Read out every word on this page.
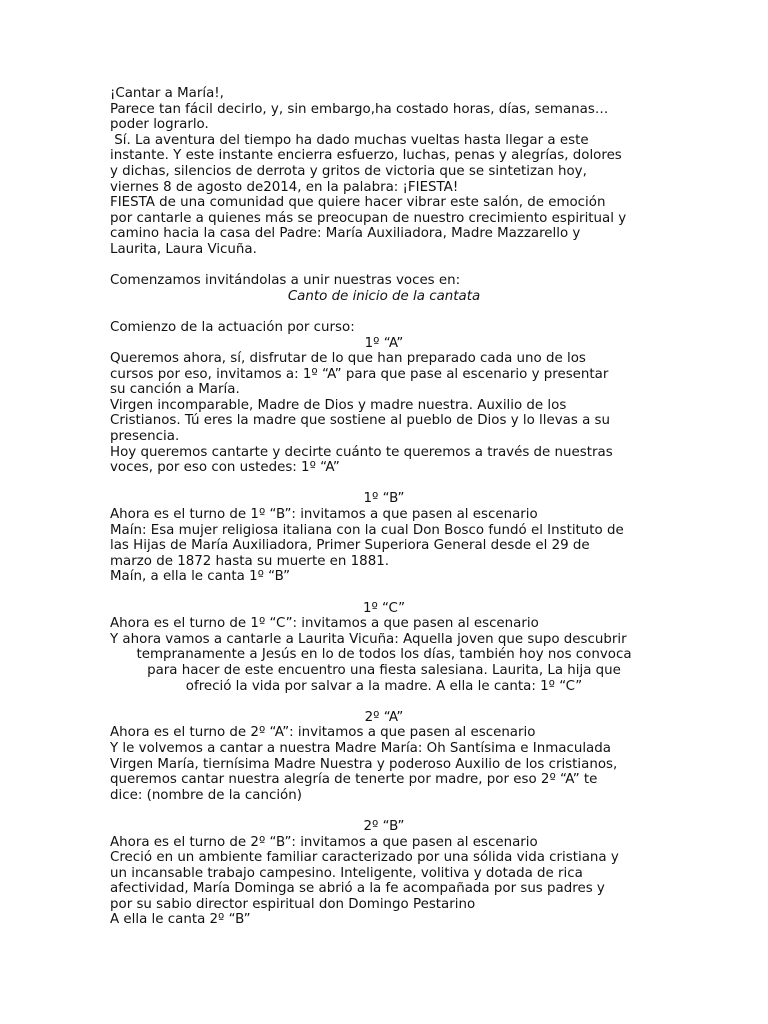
¡Cantar a María!,

Parece tan fácil decirlo, y, sin embargo,ha costado horas, días, semanas…

poder lograrlo.

Sí. La aventura del tiempo ha dado muchas vueltas hasta llegar a este

instante. Y este instante encierra esfuerzo, luchas, penas y alegrías, dolores

y dichas, silencios de derrota y gritos de victoria que se sintetizan hoy,

viernes 8 de agosto de2014, en la palabra: ¡FIESTA!

FIESTA de una comunidad que quiere hacer vibrar este salón, de emoción

por cantarle a quienes más se preocupan de nuestro crecimiento espiritual y

camino hacia la casa del Padre: María Auxiliadora, Madre Mazzarello y

Laurita, Laura Vicuña.

Comenzamos invitándolas a unir nuestras voces en:

Canto de inicio de la cantata

Comienzo de la actuación por curso:

1º “A”

Queremos ahora, sí, disfrutar de lo que han preparado cada uno de los

cursos por eso, invitamos a: 1º “A” para que pase al escenario y presentar

su canción a María.

Virgen incomparable, Madre de Dios y madre nuestra. Auxilio de los

Cristianos. Tú eres la madre que sostiene al pueblo de Dios y lo llevas a su

presencia.

Hoy queremos cantarte y decirte cuánto te queremos a través de nuestras

voces, por eso con ustedes: 1º “A”

1º “B”

Ahora es el turno de 1º “B”: invitamos a que pasen al escenario

Maín: Esa mujer religiosa italiana con la cual Don Bosco fundó el Instituto de

las Hijas de María Auxiliadora, Primer Superiora General desde el 29 de

marzo de 1872 hasta su muerte en 1881.

Maín, a ella le canta 1º “B”

1º “C”

Ahora es el turno de 1º “C”: invitamos a que pasen al escenario

Y ahora vamos a cantarle a Laurita Vicuña: Aquella joven que supo descubrir

tempranamente a Jesús en lo de todos los días, también hoy nos convoca

para hacer de este encuentro una fiesta salesiana. Laurita, La hija que

ofreció la vida por salvar a la madre. A ella le canta: 1º “C”

2º “A”

Ahora es el turno de 2º “A”: invitamos a que pasen al escenario

Y le volvemos a cantar a nuestra Madre María: Oh Santísima e Inmaculada

Virgen María, tiernísima Madre Nuestra y poderoso Auxilio de los cristianos,

queremos cantar nuestra alegría de tenerte por madre, por eso 2º “A” te

dice: (nombre de la canción)

2º “B”

Ahora es el turno de 2º “B”: invitamos a que pasen al escenario

Creció en un ambiente familiar caracterizado por una sólida vida cristiana y

un incansable trabajo campesino. Inteligente, volitiva y dotada de rica

afectividad, María Dominga se abrió a la fe acompañada por sus padres y

por su sabio director espiritual don Domingo Pestarino

A ella le canta 2º “B”
